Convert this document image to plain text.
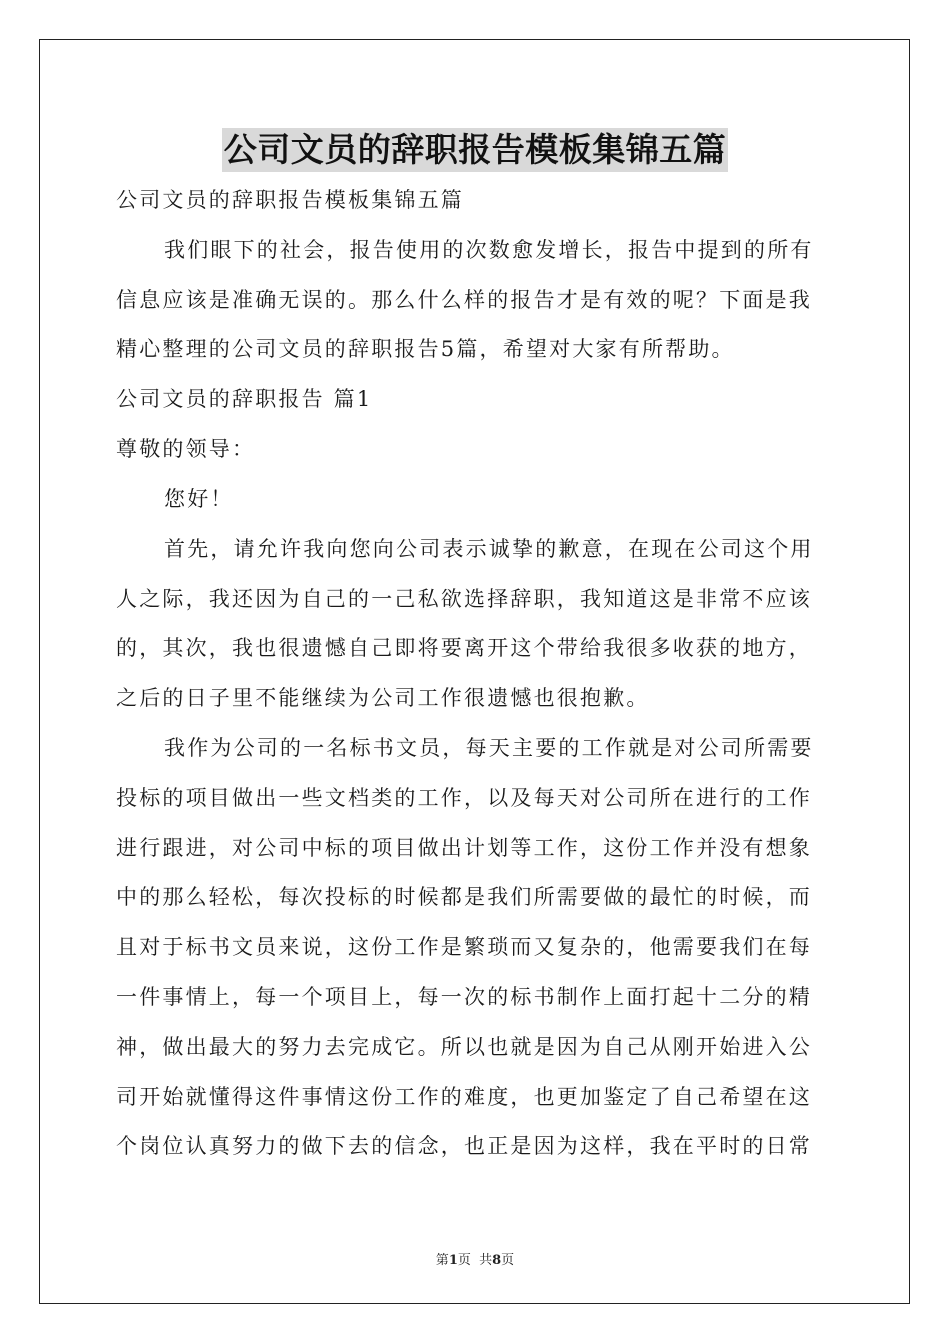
公司文员的辞职报告模板集锦五篇
公司文员的辞职报告模板集锦五篇
我们眼下的社会，报告使用的次数愈发增长，报告中提到的所有
信息应该是准确无误的。那么什么样的报告才是有效的呢？下面是我
精心整理的公司文员的辞职报告5篇，希望对大家有所帮助。
公司文员的辞职报告 篇1
尊敬的领导：
您好！
首先，请允许我向您向公司表示诚挚的歉意，在现在公司这个用
人之际，我还因为自己的一己私欲选择辞职，我知道这是非常不应该
的，其次，我也很遗憾自己即将要离开这个带给我很多收获的地方，
之后的日子里不能继续为公司工作很遗憾也很抱歉。
我作为公司的一名标书文员，每天主要的工作就是对公司所需要
投标的项目做出一些文档类的工作，以及每天对公司所在进行的工作
进行跟进，对公司中标的项目做出计划等工作，这份工作并没有想象
中的那么轻松，每次投标的时候都是我们所需要做的最忙的时候，而
且对于标书文员来说，这份工作是繁琐而又复杂的，他需要我们在每
一件事情上，每一个项目上，每一次的标书制作上面打起十二分的精
神，做出最大的努力去完成它。所以也就是因为自己从刚开始进入公
司开始就懂得这件事情这份工作的难度，也更加鉴定了自己希望在这
个岗位认真努力的做下去的信念，也正是因为这样，我在平时的日常
第1页  共8页
